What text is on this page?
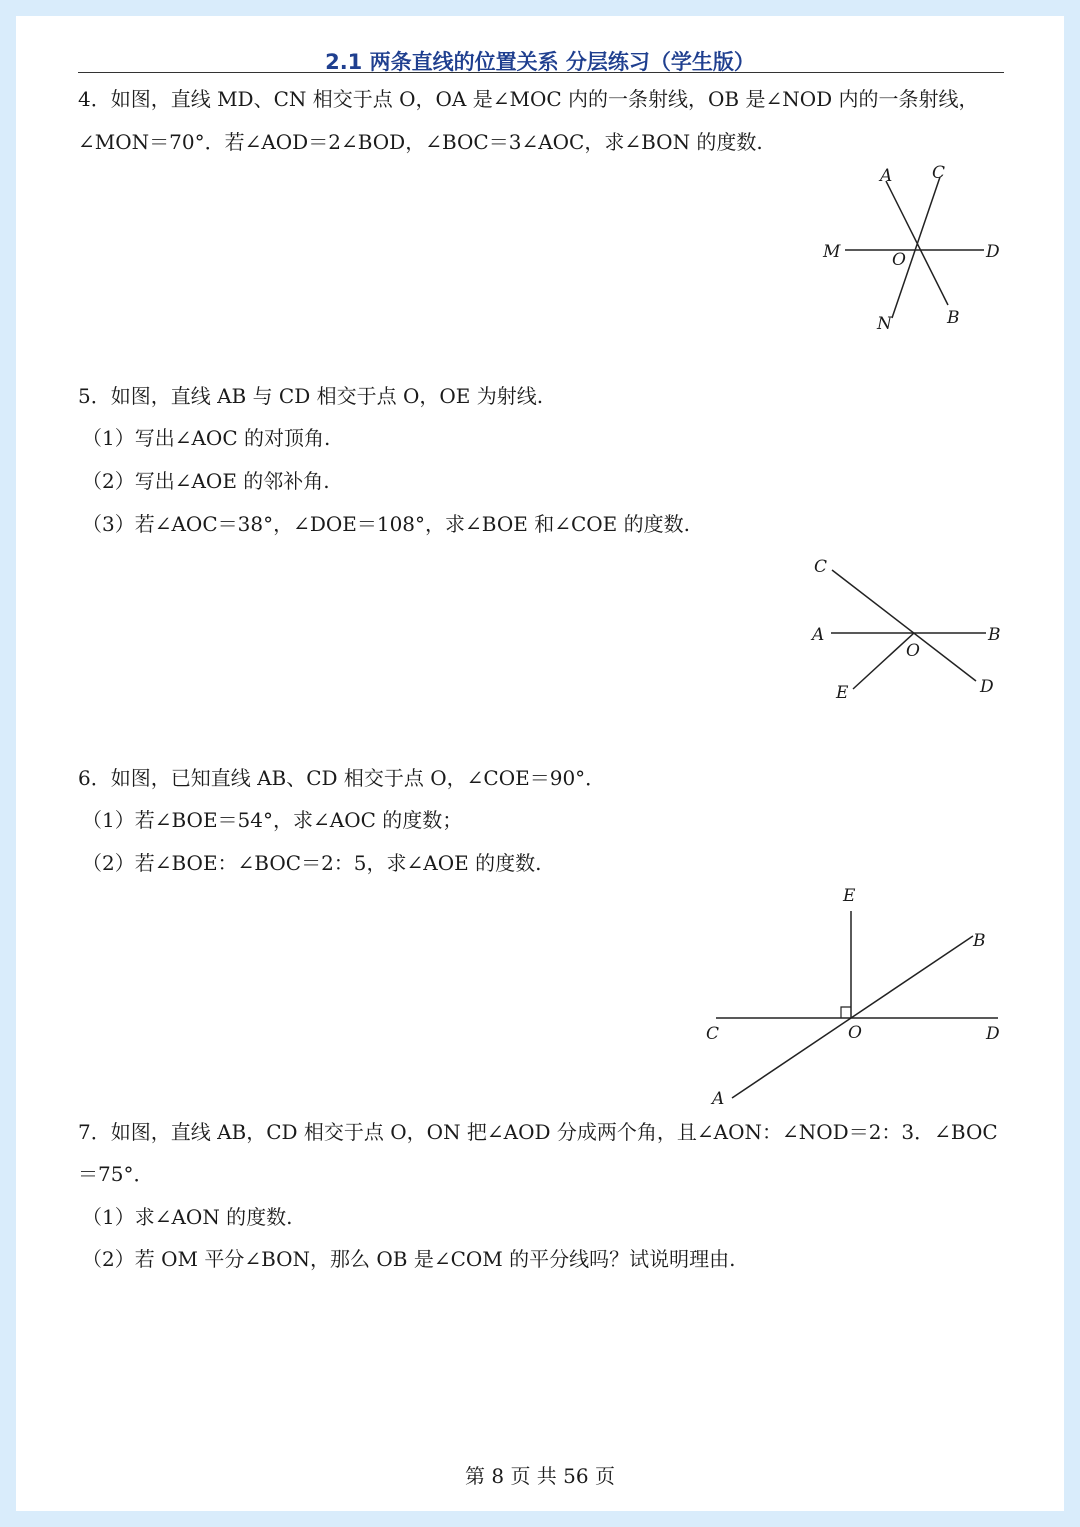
2.1 两条直线的位置关系 分层练习（学生版）
4．如图，直线 MD、CN 相交于点 O，OA 是∠MOC 内的一条射线，OB 是∠NOD 内的一条射线，
∠MON＝70°．若∠AOD＝2∠BOD，∠BOC＝3∠AOC，求∠BON 的度数.
A C
M	O	D
N	B
5．如图，直线 AB 与 CD 相交于点 O，OE 为射线.
（1）写出∠AOC 的对顶角.
（2）写出∠AOE 的邻补角.
（3）若∠AOC＝38°，∠DOE＝108°，求∠BOE 和∠COE 的度数.
C
A	B
O
E	D
6．如图，已知直线 AB、CD 相交于点 O，∠COE＝90°．
（1）若∠BOE＝54°，求∠AOC 的度数；
（2）若∠BOE：∠BOC＝2：5，求∠AOE 的度数.
E
B
C	O	D
A
7．如图，直线 AB，CD 相交于点 O，ON 把∠AOD 分成两个角，且∠AON：∠NOD＝2：3．∠BOC
＝75°．
（1）求∠AON 的度数.
（2）若 OM 平分∠BON，那么 OB 是∠COM 的平分线吗？试说明理由.
第 8 页 共 56 页
